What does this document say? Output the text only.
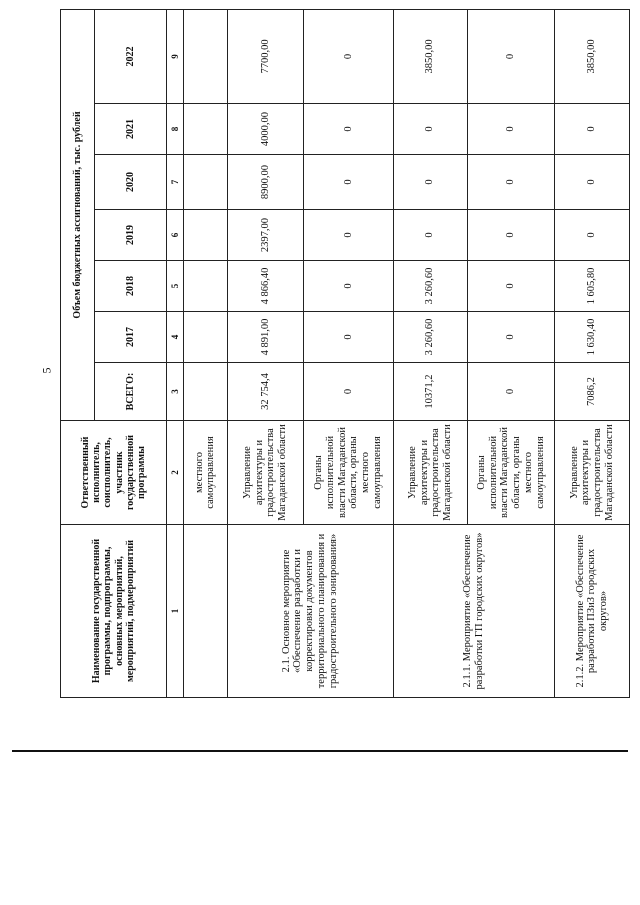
5
Наименование государственной программы, подпрограммы, основных мероприятий, мероприятий, подмероприятий	Ответственный исполнитель, соисполнитель, участник государственной программы	Объем бюджетных ассигнований, тыс. рублей						
		ВСЕГО:	2017	2018	2019	2020	2021	2022
1	2	3	4	5	6	7	8	9
	местного самоуправления							
2.1. Основное мероприятие «Обеспечение разработки и корректировки документов территориального планирования и градостроительного зонирования»	Управление архитектуры и градостроительства Магаданской области	32 754,4	4 891,00	4 866,40	2397,00	8900,00	4000,00	7700,00
	Органы исполнительной власти Магаданской области, органы местного самоуправления	0	0	0	0	0	0	0
2.1.1. Мероприятие «Обеспечение разработки ГП городских округов»	Управление архитектуры и градостроительства Магаданской области	10371,2	3 260,60	3 260,60	0	0	0	3850,00
	Органы исполнительной власти Магаданской области, органы местного самоуправления	0	0	0	0	0	0	0
2.1.2. Мероприятие «Обеспечение разработки ПЗиЗ городских округов»	Управление архитектуры и градостроительства Магаданской области	7086,2	1 630,40	1 605,80	0	0	0	3850,00
